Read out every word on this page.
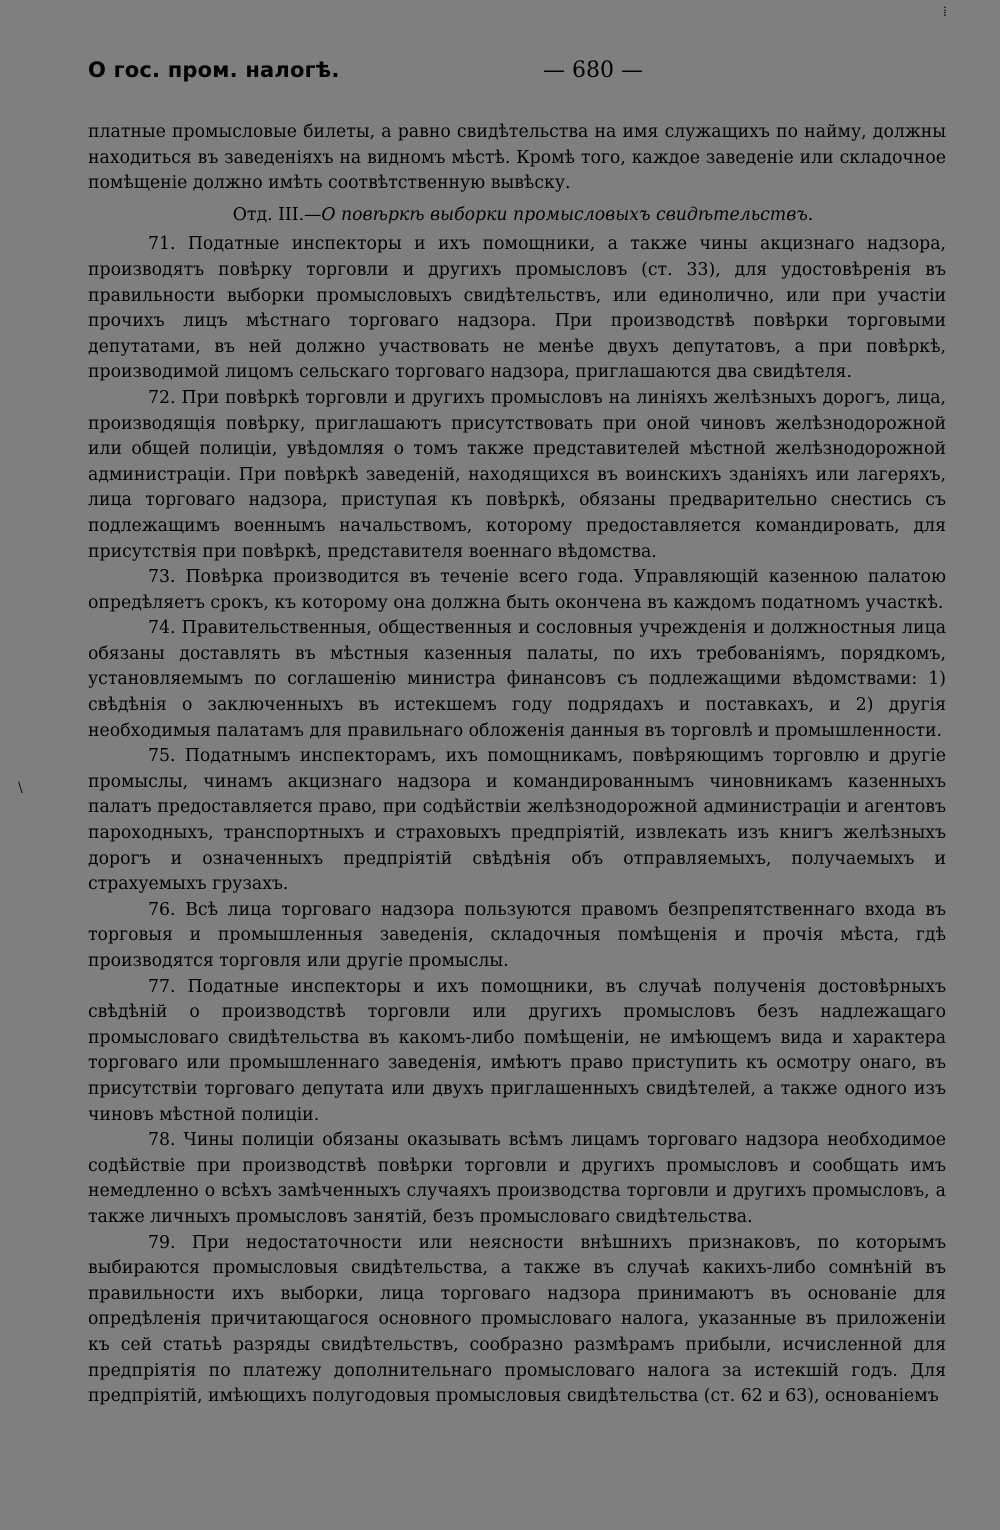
О гос. пром. налогѣ.	— 680 —
⁞
\

платные промысловые билеты, а равно свидѣтельства на имя служащихъ по найму, должны находиться въ заведеніяхъ на видномъ мѣстѣ. Кромѣ того, каждое заведеніе или складочное помѣщеніе должно имѣть соотвѣтственную вывѣску.

Отд. III.—О повѣркѣ выборки промысловыхъ свидѣтельствъ.

71. Податные инспекторы и ихъ помощники, а также чины акцизнаго надзора, производятъ повѣрку торговли и другихъ промысловъ (ст. 33), для удостовѣренія въ правильности выборки промысловыхъ свидѣтельствъ, или единолично, или при участіи прочихъ лицъ мѣстнаго торговаго надзора. При производствѣ повѣрки торговыми депутатами, въ ней должно участвовать не менѣе двухъ депутатовъ, а при повѣркѣ, производимой лицомъ сельскаго торговаго надзора, приглашаются два свидѣтеля.

72. При повѣркѣ торговли и другихъ промысловъ на линіяхъ желѣзныхъ дорогъ, лица, производящія повѣрку, приглашаютъ присутствовать при оной чиновъ желѣзнодорожной или общей полиціи, увѣдомляя о томъ также представителей мѣстной желѣзнодорожной администраціи. При повѣркѣ заведеній, находящихся въ воинскихъ зданіяхъ или лагеряхъ, лица торговаго надзора, приступая къ повѣркѣ, обязаны предварительно снестись съ подлежащимъ военнымъ начальствомъ, которому предоставляется командировать, для присутствія при повѣркѣ, представителя военнаго вѣдомства.

73. Повѣрка производится въ теченіе всего года. Управляющій казенною палатою опредѣляетъ срокъ, къ которому она должна быть окончена въ каждомъ податномъ участкѣ.

74. Правительственныя, общественныя и сословныя учрежденія и должностныя лица обязаны доставлять въ мѣстныя казенныя палаты, по ихъ требованіямъ, порядкомъ, установляемымъ по соглашенію министра финансовъ съ подлежащими вѣдомствами: 1) свѣдѣнія о заключенныхъ въ истекшемъ году подрядахъ и поставкахъ, и 2) другія необходимыя палатамъ для правильнаго обложенія данныя въ торговлѣ и промышленности.

75. Податнымъ инспекторамъ, ихъ помощникамъ, повѣряющимъ торговлю и другіе промыслы, чинамъ акцизнаго надзора и командированнымъ чиновникамъ казенныхъ палатъ предоставляется право, при содѣйствіи желѣзнодорожной администраціи и агентовъ пароходныхъ, транспортныхъ и страховыхъ предпріятій, извлекать изъ книгъ желѣзныхъ дорогъ и означенныхъ предпріятій свѣдѣнія объ отправляемыхъ, получаемыхъ и страхуемыхъ грузахъ.

76. Всѣ лица торговаго надзора пользуются правомъ безпрепятственнаго входа въ торговыя и промышленныя заведенія, складочныя помѣщенія и прочія мѣста, гдѣ производятся торговля или другіе промыслы.

77. Податные инспекторы и ихъ помощники, въ случаѣ полученія достовѣрныхъ свѣдѣній о производствѣ торговли или другихъ промысловъ безъ надлежащаго промысловаго свидѣтельства въ какомъ-либо помѣщеніи, не имѣющемъ вида и характера торговаго или промышленнаго заведенія, имѣютъ право приступить къ осмотру онаго, въ присутствіи торговаго депутата или двухъ приглашенныхъ свидѣтелей, а также одного изъ чиновъ мѣстной полиціи.

78. Чины полиціи обязаны оказывать всѣмъ лицамъ торговаго надзора необходимое содѣйствіе при производствѣ повѣрки торговли и другихъ промысловъ и сообщать имъ немедленно о всѣхъ замѣченныхъ случаяхъ производства торговли и другихъ промысловъ, а также личныхъ промысловъ занятій, безъ промысловаго свидѣтельства.

79. При недостаточности или неясности внѣшнихъ признаковъ, по которымъ выбираются промысловыя свидѣтельства, а также въ случаѣ какихъ-либо сомнѣній въ правильности ихъ выборки, лица торговаго надзора принимаютъ въ основаніе для опредѣленія причитающагося основного промысловаго налога, указанные въ приложеніи къ сей статьѣ разряды свидѣтельствъ, сообразно размѣрамъ прибыли, исчисленной для предпріятія по платежу дополнительнаго промысловаго налога за истекшій годъ. Для предпріятій, имѣющихъ полугодовыя промысловыя свидѣтельства (ст. 62 и 63), основаніемъ
